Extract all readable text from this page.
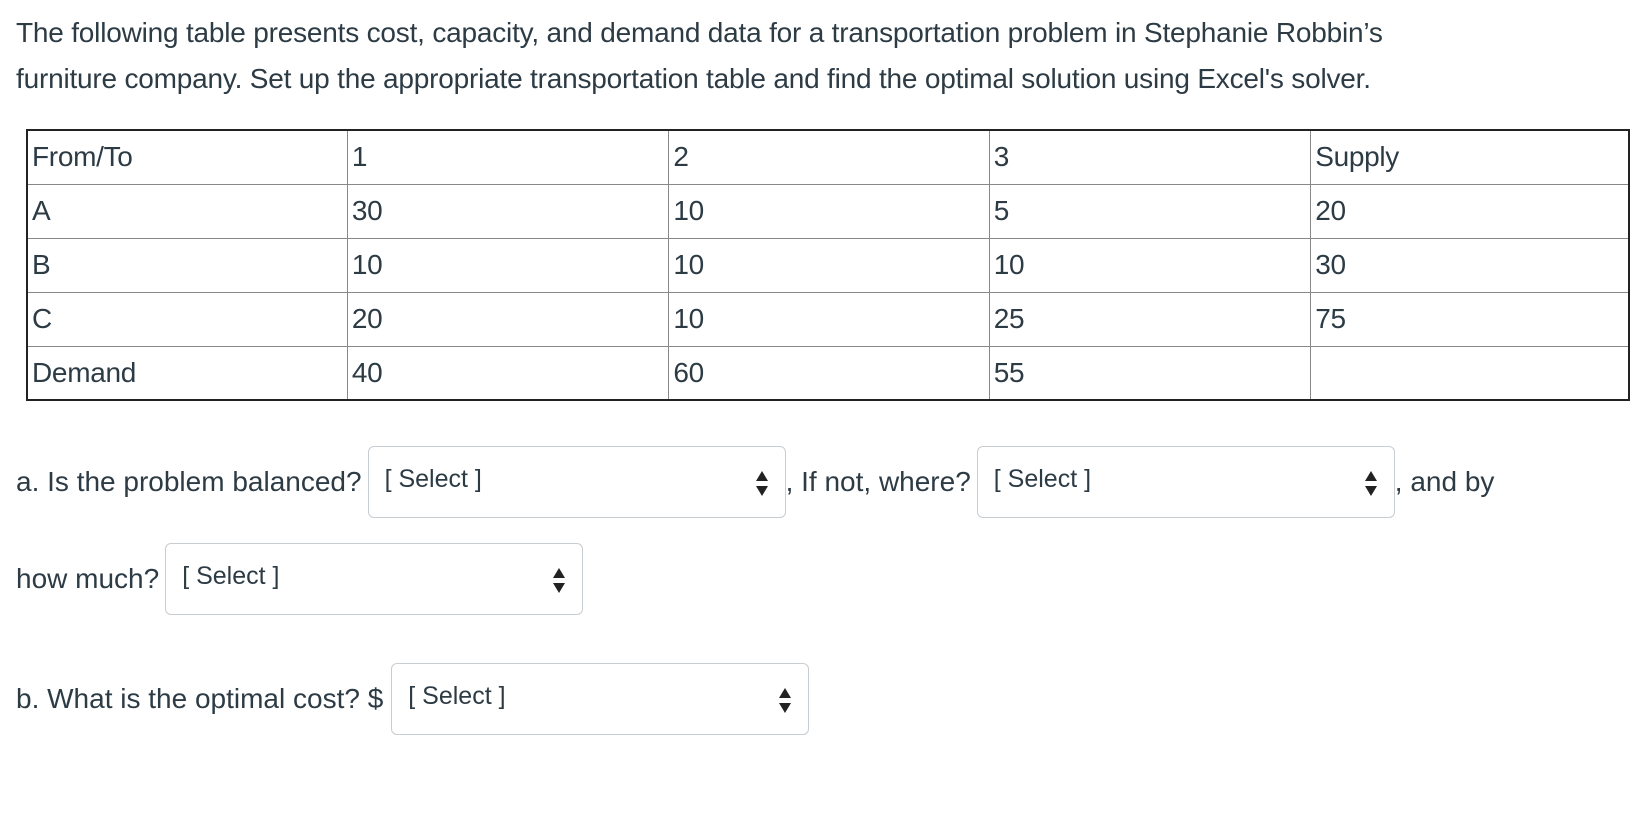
The following table presents cost, capacity, and demand data for a transportation problem in Stephanie Robbin’s

furniture company. Set up the appropriate transportation table and find the optimal solution using Excel's solver.

From/To	1	2	3	Supply
A	30	10	5	20
B	10	10	10	30
C	20	10	25	75
Demand	40	60	55	
a. Is the problem balanced? [ Select ]	, If not, where? [ Select ]	, and by
how much? [ Select ]
b. What is the optimal cost? $ [ Select ]
